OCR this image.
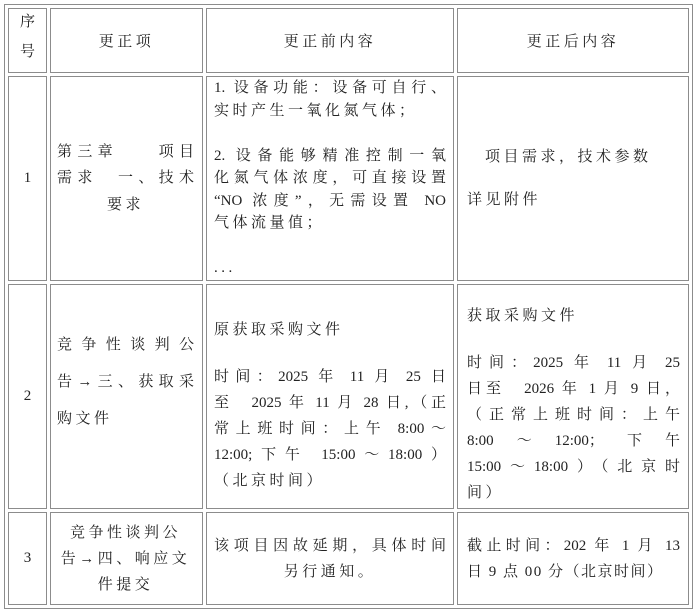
序号
更正项	更正前内容	更正后内容
1
第三章　　项目
需求　一、技术
要求
1. 设备功能：设备可自行、
实时产生一氧化氮气体；
2. 设备能够精准控制一氧
化氮气体浓度，可直接设置
“NO 浓度”，无需设置 NO
气体流量值；
...
项目需求，技术参数
详见附件
2
竞争性谈判公
告→三、获取采
购文件
原获取采购文件
时间：2025 年 11 月 25 日
至　2025 年 11 月 28 日,（正
常上班时间：上午 8:00～
12:00;下午 15:00～18:00）
（北京时间）
获取采购文件
时间：2025 年 11 月 25
日至　2026 年 1 月 9 日，
（正常上班时间：上午
8:00～12:00；下午
15:00～18:00）（北京时
间）
3
竞争性谈判公
告→四、响应文
件提交
该项目因故延期，具体时间
另行通知。
截止时间：202 年 1 月 13
日 9 点 00 分（北京时间）
